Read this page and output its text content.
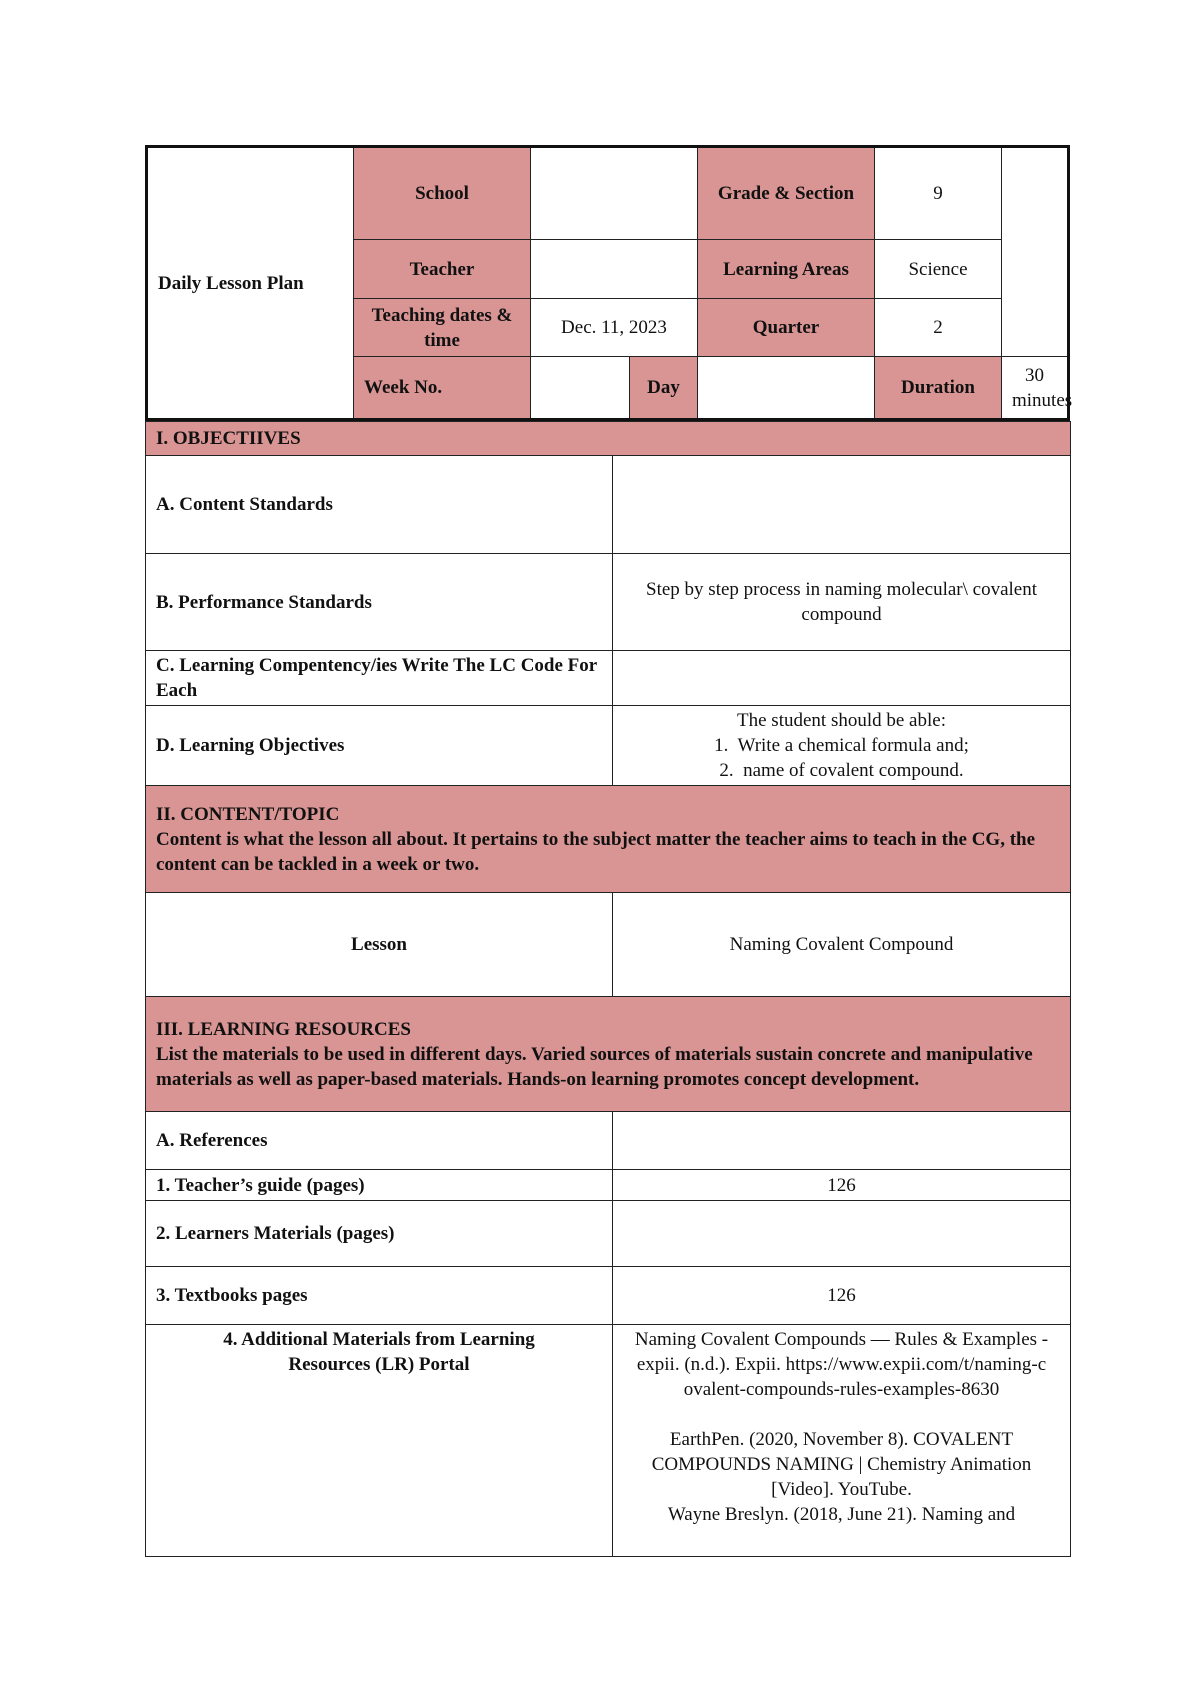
Daily Lesson Plan	School			Grade & Section	9	
	Teacher			Learning Areas	Science	
	Teaching dates & time	Dec. 11, 2023		Quarter	2	
	Week No.		Day		Duration	30 minutes
I. OBJECTIIVES	
A. Content Standards	
B. Performance Standards	Step by step process in naming molecular\ covalent compound
C. Learning Compentency/ies Write The LC Code For Each	
D. Learning Objectives	The student should be able:
1.  Write a chemical formula and;
2.  name of covalent compound.

II. CONTENT/TOPIC
Content is what the lesson all about. It pertains to the subject matter the teacher aims to teach in the CG, the content can be tackled in a week or two.	

Lesson	Naming Covalent Compound

III. LEARNING RESOURCES
List the materials to be used in different days. Varied sources of materials sustain concrete and manipulative materials as well as paper-based materials. Hands-on learning promotes concept development.	

A. References	
1. Teacher’s guide (pages)	126
2. Learners Materials (pages)	
3. Textbooks pages	126
4. Additional Materials from Learning Resources (LR) Portal	Naming Covalent Compounds — Rules & Examples - expii. (n.d.). Expii. https://www.expii.com/t/naming-covalent-compounds-rules-examples-8630
EarthPen. (2020, November 8). COVALENT COMPOUNDS NAMING | Chemistry Animation [Video]. YouTube.
Wayne Breslyn. (2018, June 21). Naming and
